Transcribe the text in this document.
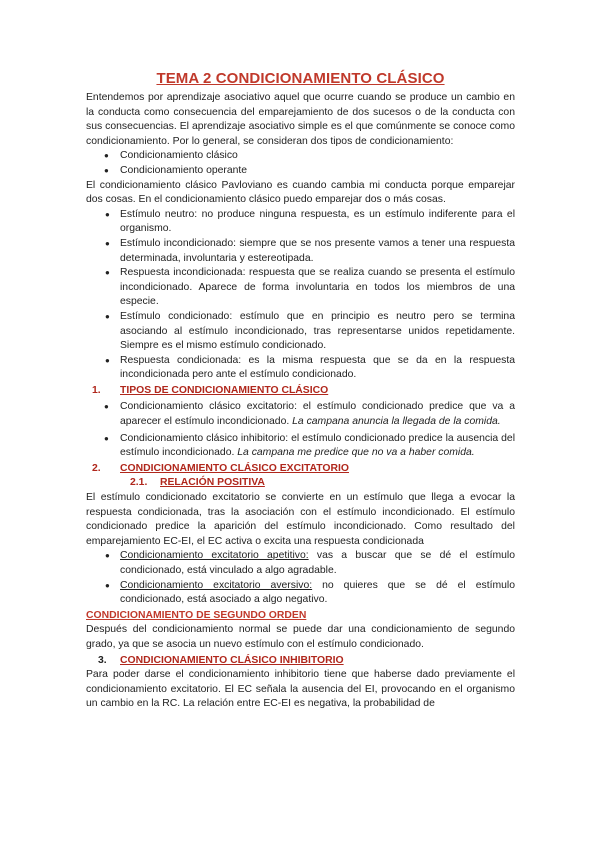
TEMA 2 CONDICIONAMIENTO CLÁSICO

Entendemos por aprendizaje asociativo aquel que ocurre cuando se produce un cambio en la conducta como consecuencia del emparejamiento de dos sucesos o de la conducta con sus consecuencias. El aprendizaje asociativo simple es el que comúnmente se conoce como condicionamiento. Por lo general, se consideran dos tipos de condicionamiento:

● Condicionamiento clásico
● Condicionamiento operante

El condicionamiento clásico Pavloviano es cuando cambia mi conducta porque emparejar dos cosas. En el condicionamiento clásico puedo emparejar dos o más cosas.

● Estímulo neutro: no produce ninguna respuesta, es un estímulo indiferente para el organismo.
● Estímulo incondicionado: siempre que se nos presente vamos a tener una respuesta determinada, involuntaria y estereotipada.
● Respuesta incondicionada: respuesta que se realiza cuando se presenta el estímulo incondicionado. Aparece de forma involuntaria en todos los miembros de una especie.
● Estímulo condicionado: estímulo que en principio es neutro pero se termina asociando al estímulo incondicionado, tras representarse unidos repetidamente. Siempre es el mismo estímulo condicionado.
● Respuesta condicionada: es la misma respuesta que se da en la respuesta incondicionada pero ante el estímulo condicionado.
1. TIPOS DE CONDICIONAMIENTO CLÁSICO
● Condicionamiento clásico excitatorio: el estímulo condicionado predice que va a aparecer el estímulo incondicionado. La campana anuncia la llegada de la comida.
● Condicionamiento clásico inhibitorio: el estímulo condicionado predice la ausencia del estímulo incondicionado. La campana me predice que no va a haber comida.
2. CONDICIONAMIENTO CLÁSICO EXCITATORIO
2.1. RELACIÓN POSITIVA

El estímulo condicionado excitatorio se convierte en un estímulo que llega a evocar la respuesta condicionada, tras la asociación con el estímulo incondicionado. El estímulo condicionado predice la aparición del estímulo incondicionado. Como resultado del emparejamiento EC-EI, el EC activa o excita una respuesta condicionada

● Condicionamiento excitatorio apetitivo: vas a buscar que se dé el estímulo condicionado, está vinculado a algo agradable.
● Condicionamiento excitatorio aversivo: no quieres que se dé el estímulo condicionado, está asociado a algo negativo.
CONDICIONAMIENTO DE SEGUNDO ORDEN

Después del condicionamiento normal se puede dar una condicionamiento de segundo grado, ya que se asocia un nuevo estímulo con el estímulo condicionado.

3. CONDICIONAMIENTO CLÁSICO INHIBITORIO

Para poder darse el condicionamiento inhibitorio tiene que haberse dado previamente el condicionamiento excitatorio. El EC señala la ausencia del EI, provocando en el organismo un cambio en la RC. La relación entre EC-EI es negativa, la probabilidad de
